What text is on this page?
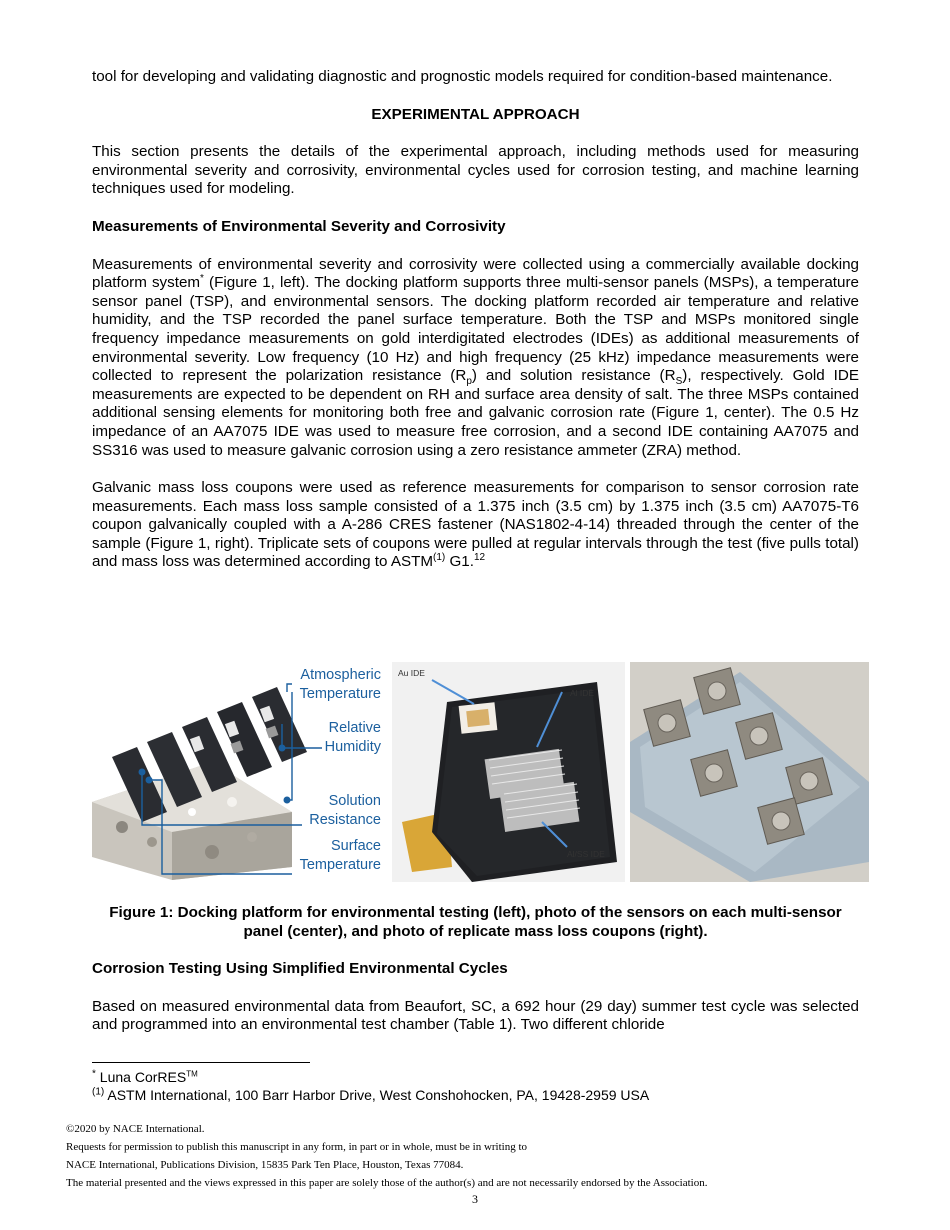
tool for developing and validating diagnostic and prognostic models required for condition-based maintenance.

EXPERIMENTAL APPROACH

This section presents the details of the experimental approach, including methods used for measuring environmental severity and corrosivity, environmental cycles used for corrosion testing, and machine learning techniques used for modeling.

Measurements of Environmental Severity and Corrosivity

Measurements of environmental severity and corrosivity were collected using a commercially available docking platform system* (Figure 1, left). The docking platform supports three multi-sensor panels (MSPs), a temperature sensor panel (TSP), and environmental sensors. The docking platform recorded air temperature and relative humidity, and the TSP recorded the panel surface temperature. Both the TSP and MSPs monitored single frequency impedance measurements on gold interdigitated electrodes (IDEs) as additional measurements of environmental severity. Low frequency (10 Hz) and high frequency (25 kHz) impedance measurements were collected to represent the polarization resistance $(R_p)$ and solution resistance $(R_S)$, respectively. Gold IDE measurements are expected to be dependent on RH and surface area density of salt. The three MSPs contained additional sensing elements for monitoring both free and galvanic corrosion rate (Figure 1, center). The 0.5 Hz impedance of an AA7075 IDE was used to measure free corrosion, and a second IDE containing AA7075 and SS316 was used to measure galvanic corrosion using a zero resistance ammeter (ZRA) method.

Galvanic mass loss coupons were used as reference measurements for comparison to sensor corrosion rate measurements. Each mass loss sample consisted of a 1.375 inch (3.5 cm) by 1.375 inch (3.5 cm) AA7075-T6 coupon galvanically coupled with a A-286 CRES fastener (NAS1802-4-14) threaded through the center of the sample (Figure 1, right). Triplicate sets of coupons were pulled at regular intervals through the test (five pulls total) and mass loss was determined according to ASTM$^{(1)}$ G1.12

Atmospheric
Temperature
Relative
Humidity
Solution
Resistance
Surface
Temperature
Au IDE
Al IDE
Al/SS IDE
Figure 1: Docking platform for environmental testing (left), photo of the sensors on each multi-sensor panel (center), and photo of replicate mass loss coupons (right).

Corrosion Testing Using Simplified Environmental Cycles

Based on measured environmental data from Beaufort, SC, a 692 hour (29 day) summer test cycle was selected and programmed into an environmental test chamber (Table 1). Two different chloride

* Luna CorRES™
$^{(1)}$ ASTM International, 100 Barr Harbor Drive, West Conshohocken, PA, 19428-2959 USA
©2020 by NACE International.
Requests for permission to publish this manuscript in any form, in part or in whole, must be in writing to
NACE International, Publications Division, 15835 Park Ten Place, Houston, Texas 77084.
The material presented and the views expressed in this paper are solely those of the author(s) and are not necessarily endorsed by the Association.
3
